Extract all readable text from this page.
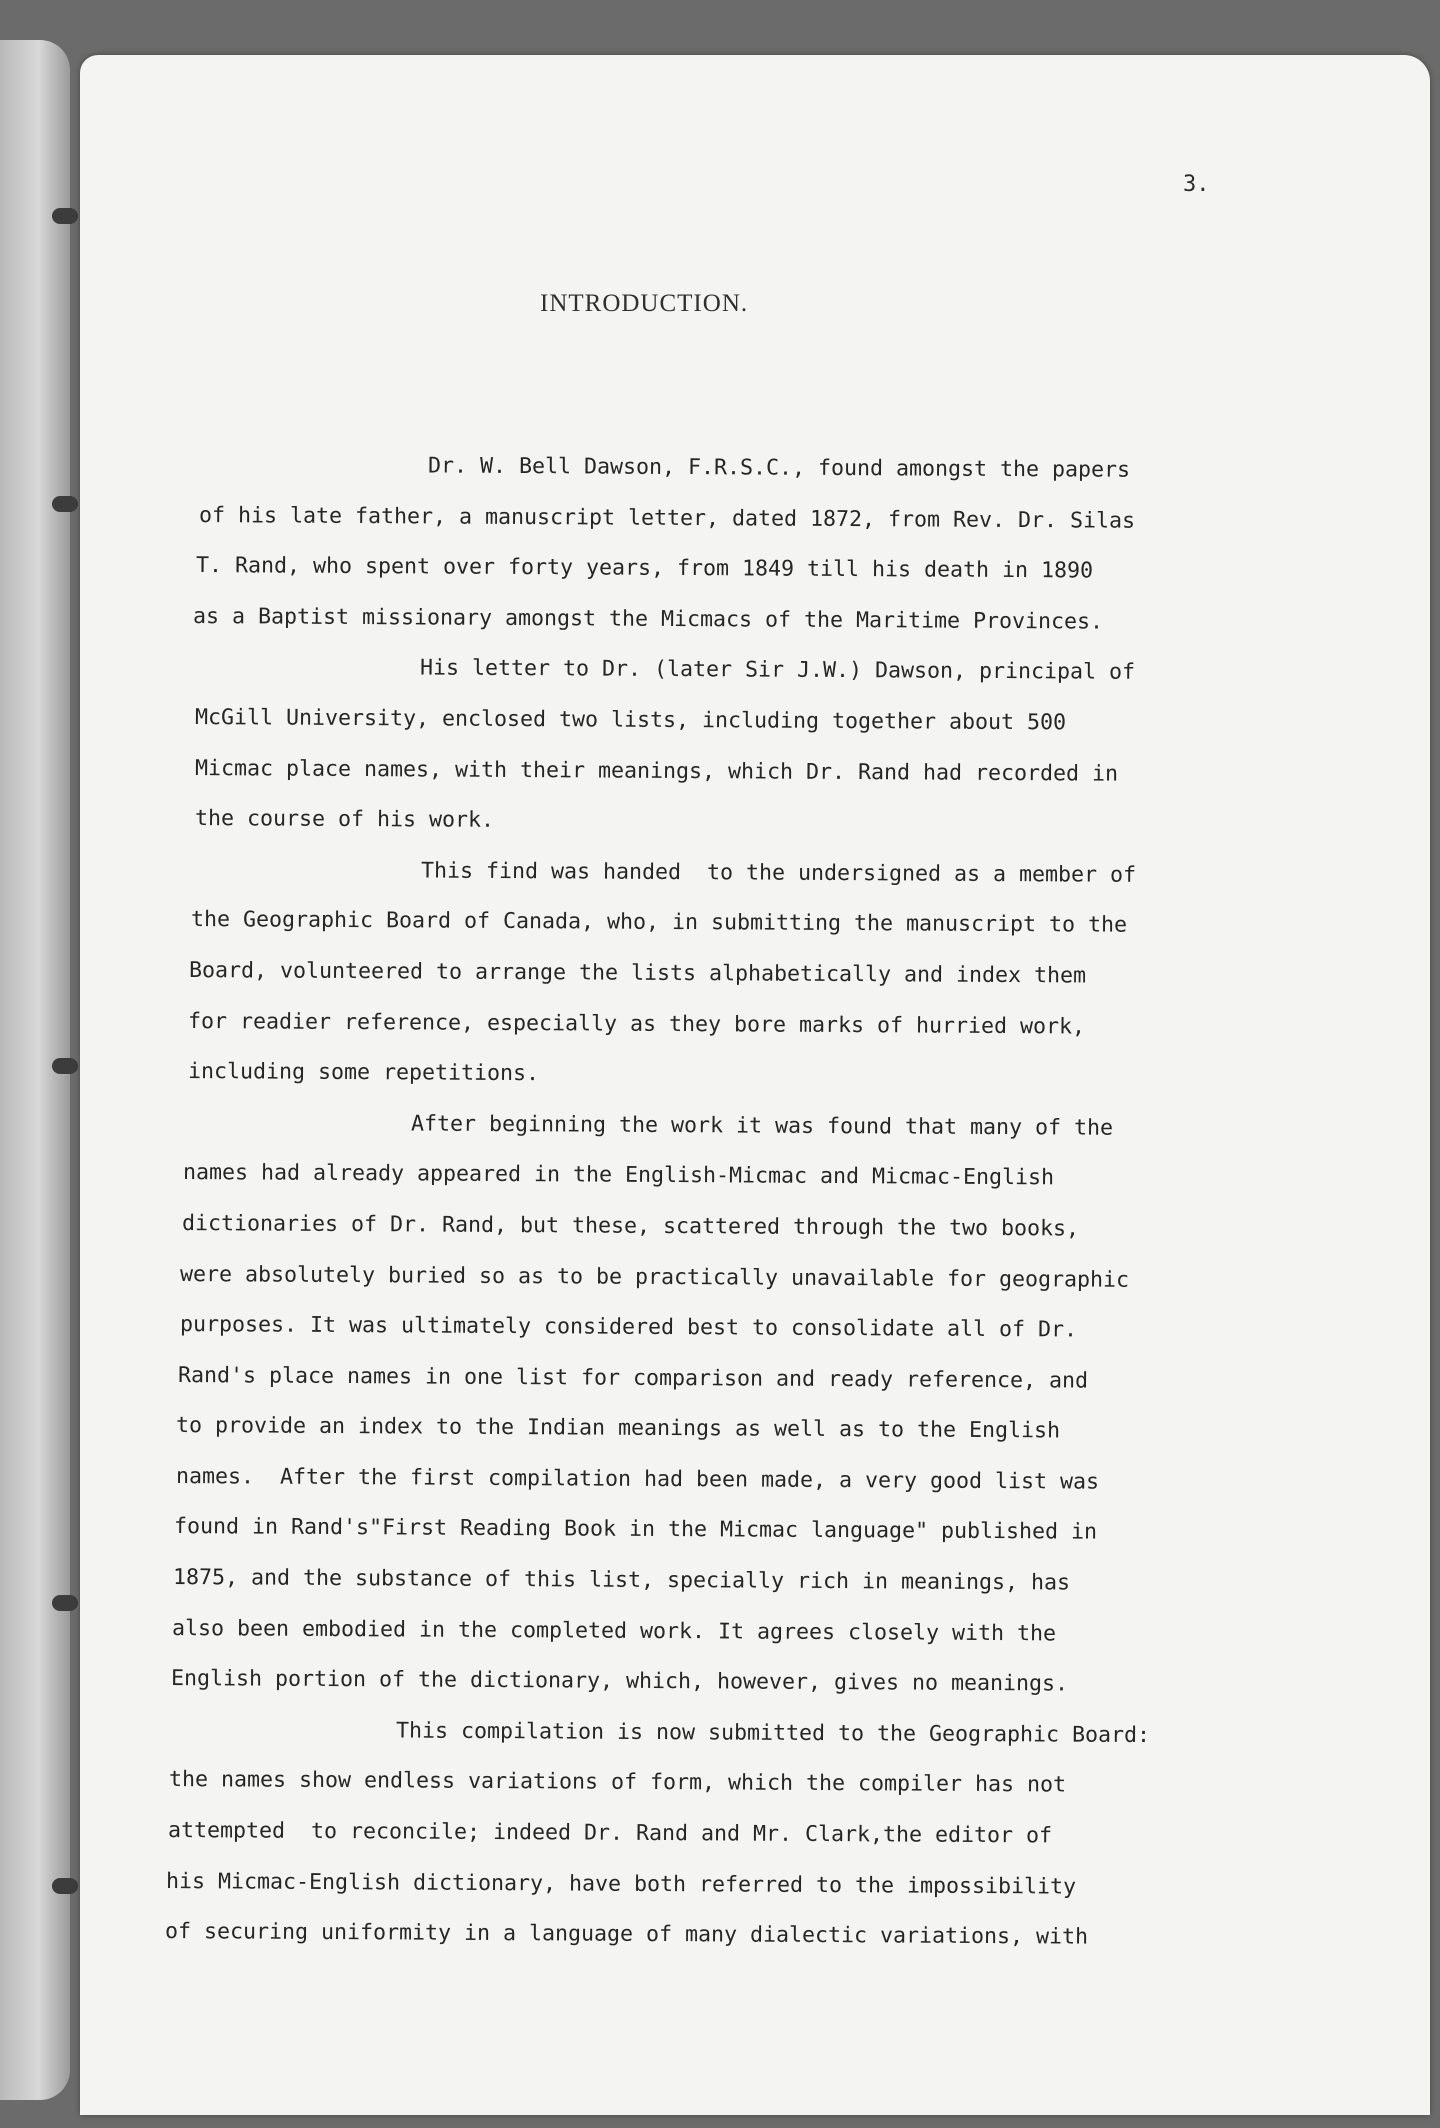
3.
INTRODUCTION.
Dr. W. Bell Dawson, F.R.S.C., found amongst the papers
of his late father, a manuscript letter, dated 1872, from Rev. Dr. Silas
T. Rand, who spent over forty years, from 1849 till his death in 1890
as a Baptist missionary amongst the Micmacs of the Maritime Provinces.
His letter to Dr. (later Sir J.W.) Dawson, principal of
McGill University, enclosed two lists, including together about 500
Micmac place names, with their meanings, which Dr. Rand had recorded in
the course of his work.
This find was handed  to the undersigned as a member of
the Geographic Board of Canada, who, in submitting the manuscript to the
Board, volunteered to arrange the lists alphabetically and index them
for readier reference, especially as they bore marks of hurried work,
including some repetitions.
After beginning the work it was found that many of the
names had already appeared in the English-Micmac and Micmac-English
dictionaries of Dr. Rand, but these, scattered through the two books,
were absolutely buried so as to be practically unavailable for geographic
purposes. It was ultimately considered best to consolidate all of Dr.
Rand's place names in one list for comparison and ready reference, and
to provide an index to the Indian meanings as well as to the English
names.  After the first compilation had been made, a very good list was
found in Rand's"First Reading Book in the Micmac language" published in
1875, and the substance of this list, specially rich in meanings, has
also been embodied in the completed work. It agrees closely with the
English portion of the dictionary, which, however, gives no meanings.
This compilation is now submitted to the Geographic Board:
the names show endless variations of form, which the compiler has not
attempted  to reconcile; indeed Dr. Rand and Mr. Clark,the editor of
his Micmac-English dictionary, have both referred to the impossibility
of securing uniformity in a language of many dialectic variations, with
